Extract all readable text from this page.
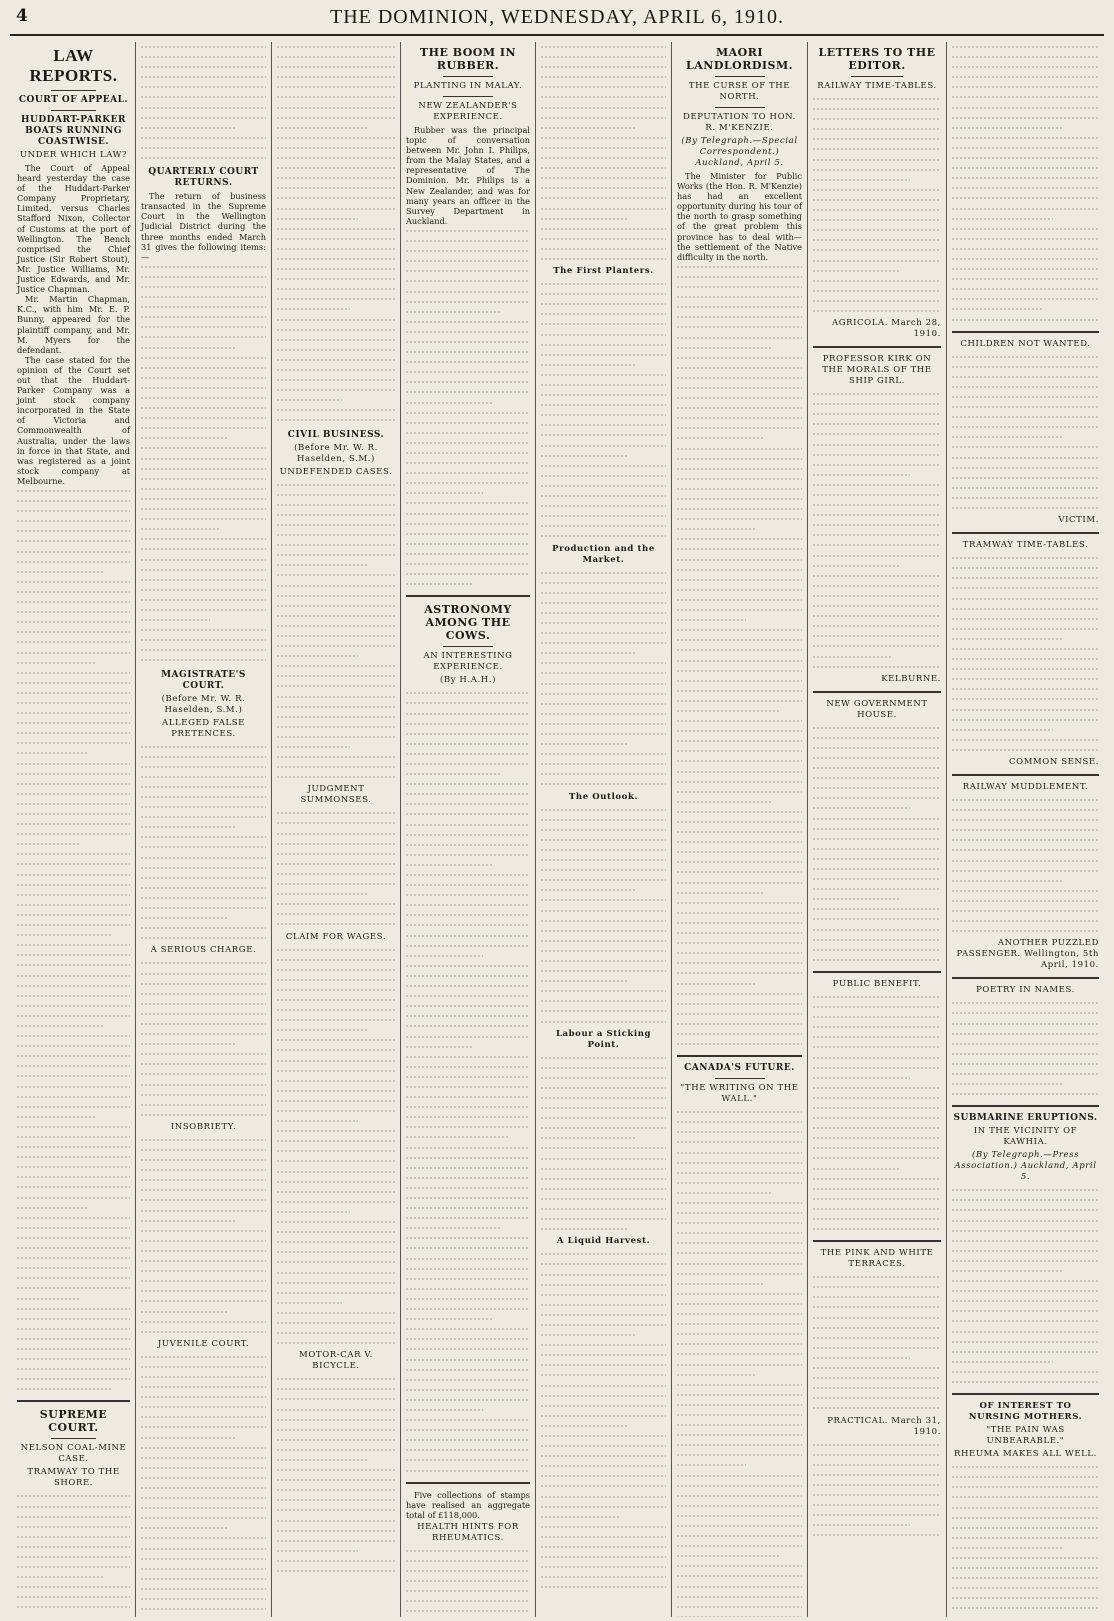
4	THE DOMINION, WEDNESDAY, APRIL 6, 1910.
LAW REPORTS.
COURT OF APPEAL.
HUDDART-PARKER BOATS RUNNING COASTWISE.
UNDER WHICH LAW?

The Court of Appeal heard yesterday the case of the Huddart-Parker Company Proprietary, Limited, versus Charles Stafford Nixon, Collector of Customs at the port of Wellington. The Bench comprised the Chief Justice (Sir Robert Stout), Mr. Justice Williams, Mr. Justice Edwards, and Mr. Justice Chapman.

Mr. Martin Chapman, K.C., with him Mr. E. P. Bunny, appeared for the plaintiff company, and Mr. M. Myers for the defendant.

The case stated for the opinion of the Court set out that the Huddart-Parker Company was a joint stock company incorporated in the State of Victoria and Commonwealth of Australia, under the laws in force in that State, and was registered as a joint stock company at Melbourne.

SUPREME COURT.
NELSON COAL-MINE CASE.
TRAMWAY TO THE SHORE.
QUARTERLY COURT RETURNS.

The return of business transacted in the Supreme Court in the Wellington Judicial District during the three months ended March 31 gives the following items:—

MAGISTRATE'S COURT.
(Before Mr. W. R. Haselden, S.M.)
ALLEGED FALSE PRETENCES.
A SERIOUS CHARGE.
INSOBRIETY.
JUVENILE COURT.
CIVIL BUSINESS.
(Before Mr. W. R. Haselden, S.M.)
UNDEFENDED CASES.
JUDGMENT SUMMONSES.
CLAIM FOR WAGES.
MOTOR-CAR V. BICYCLE.
THE BOOM IN RUBBER.
PLANTING IN MALAY.
NEW ZEALANDER'S EXPERIENCE.

Rubber was the principal topic of conversation between Mr. John I. Philips, from the Malay States, and a representative of The Dominion. Mr. Philips is a New Zealander, and was for many years an officer in the Survey Department in Auckland.

ASTRONOMY AMONG THE COWS.
AN INTERESTING EXPERIENCE.
(By H.A.H.)

Five collections of stamps have realised an aggregate total of £118,000.

HEALTH HINTS FOR RHEUMATICS.
The First Planters.
Production and the Market.
The Outlook.
Labour a Sticking Point.
A Liquid Harvest.
MAORI LANDLORDISM.
THE CURSE OF THE NORTH.
DEPUTATION TO HON. R. M'KENZIE.
(By Telegraph.—Special Correspondent.) Auckland, April 5.

The Minister for Public Works (the Hon. R. M'Kenzie) has had an excellent opportunity during his tour of the north to grasp something of the great problem this province has to deal with—the settlement of the Native difficulty in the north.

CANADA'S FUTURE.
"THE WRITING ON THE WALL."
LETTERS TO THE EDITOR.
RAILWAY TIME-TABLES.
AGRICOLA. March 28, 1910.
PROFESSOR KIRK ON THE MORALS OF THE SHIP GIRL.
KELBURNE.
NEW GOVERNMENT HOUSE.
PUBLIC BENEFIT.
THE PINK AND WHITE TERRACES.
PRACTICAL. March 31, 1910.
CHILDREN NOT WANTED.
VICTIM.
TRAMWAY TIME-TABLES.
COMMON SENSE.
RAILWAY MUDDLEMENT.
ANOTHER PUZZLED PASSENGER. Wellington, 5th April, 1910.
POETRY IN NAMES.
SUBMARINE ERUPTIONS.
IN THE VICINITY OF KAWHIA.
(By Telegraph.—Press Association.) Auckland, April 5.
OF INTEREST TO NURSING MOTHERS.
"THE PAIN WAS UNBEARABLE."
RHEUMA MAKES ALL WELL.
